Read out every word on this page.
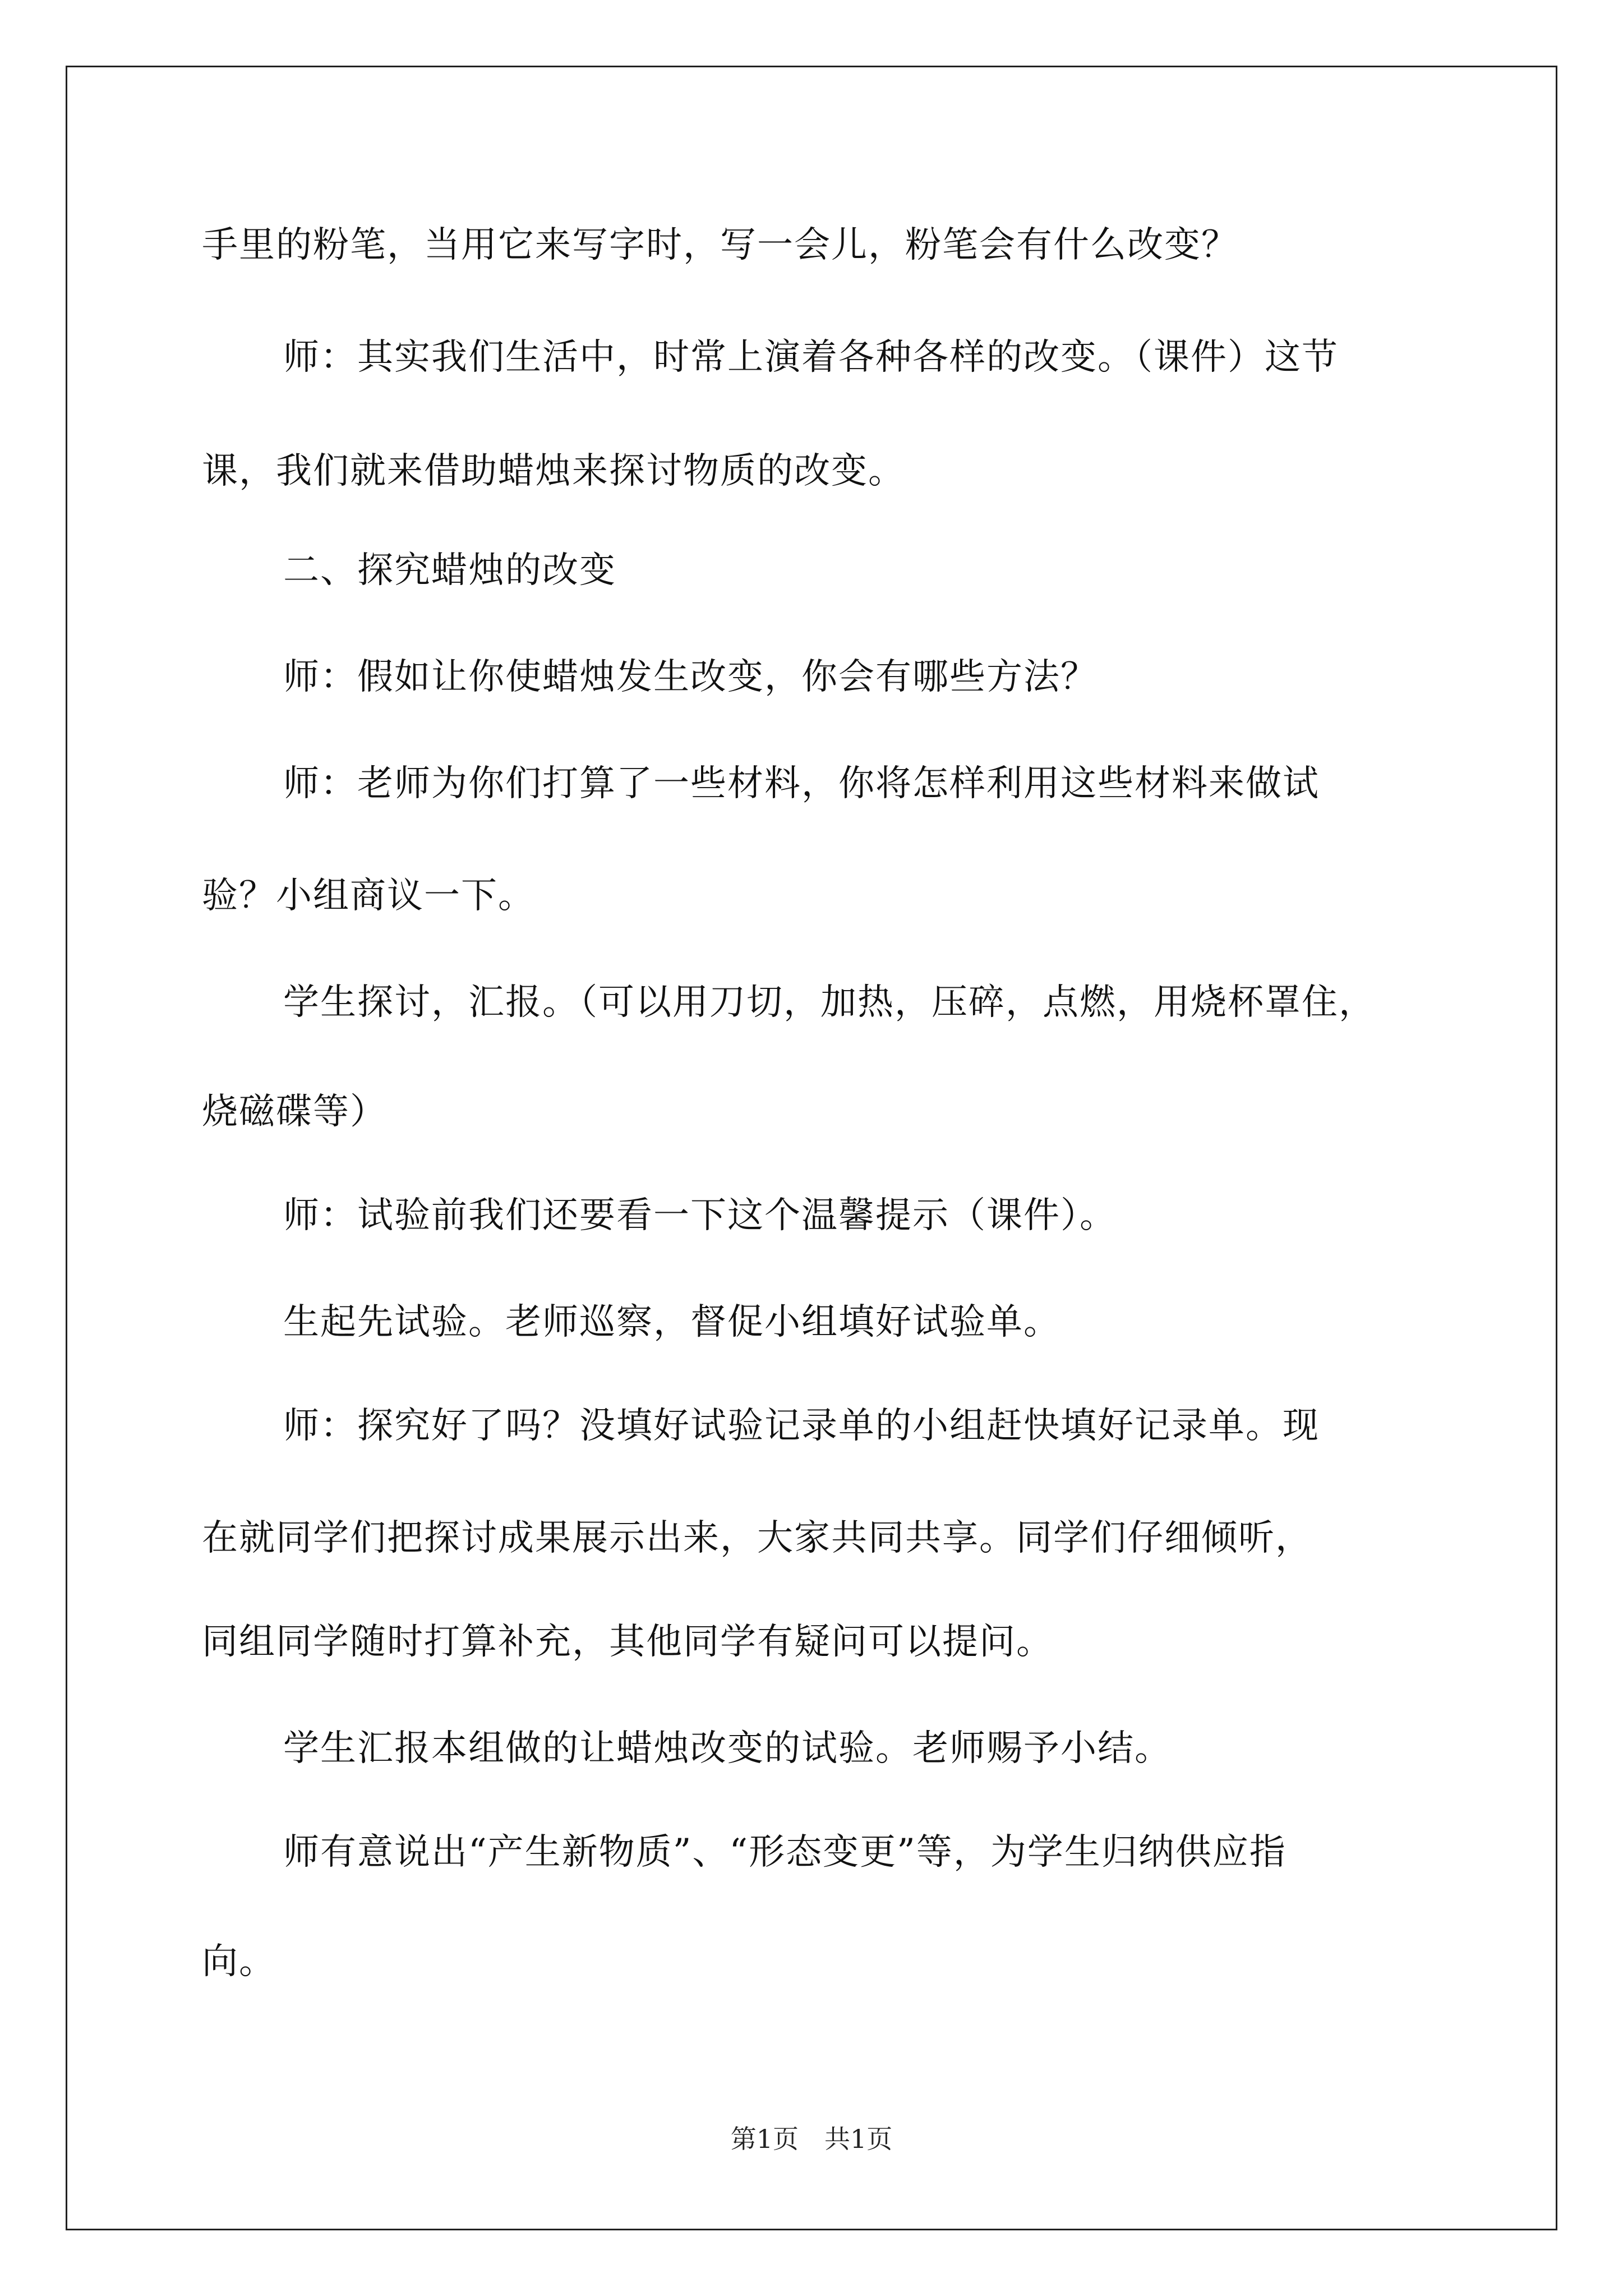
手里的粉笔，当用它来写字时，写一会儿，粉笔会有什么改变？
师：其实我们生活中，时常上演着各种各样的改变。（课件）这节
课，我们就来借助蜡烛来探讨物质的改变。
二、探究蜡烛的改变
师：假如让你使蜡烛发生改变，你会有哪些方法？
师：老师为你们打算了一些材料，你将怎样利用这些材料来做试
验？小组商议一下。
学生探讨，汇报。（可以用刀切，加热，压碎，点燃，用烧杯罩住，
烧磁碟等）
师：试验前我们还要看一下这个温馨提示（课件）。
生起先试验。老师巡察，督促小组填好试验单。
师：探究好了吗？没填好试验记录单的小组赶快填好记录单。现
在就同学们把探讨成果展示出来，大家共同共享。同学们仔细倾听，
同组同学随时打算补充，其他同学有疑问可以提问。
学生汇报本组做的让蜡烛改变的试验。老师赐予小结。
师有意说出“产生新物质”、“形态变更”等，为学生归纳供应指
向。
第1页　共1页
